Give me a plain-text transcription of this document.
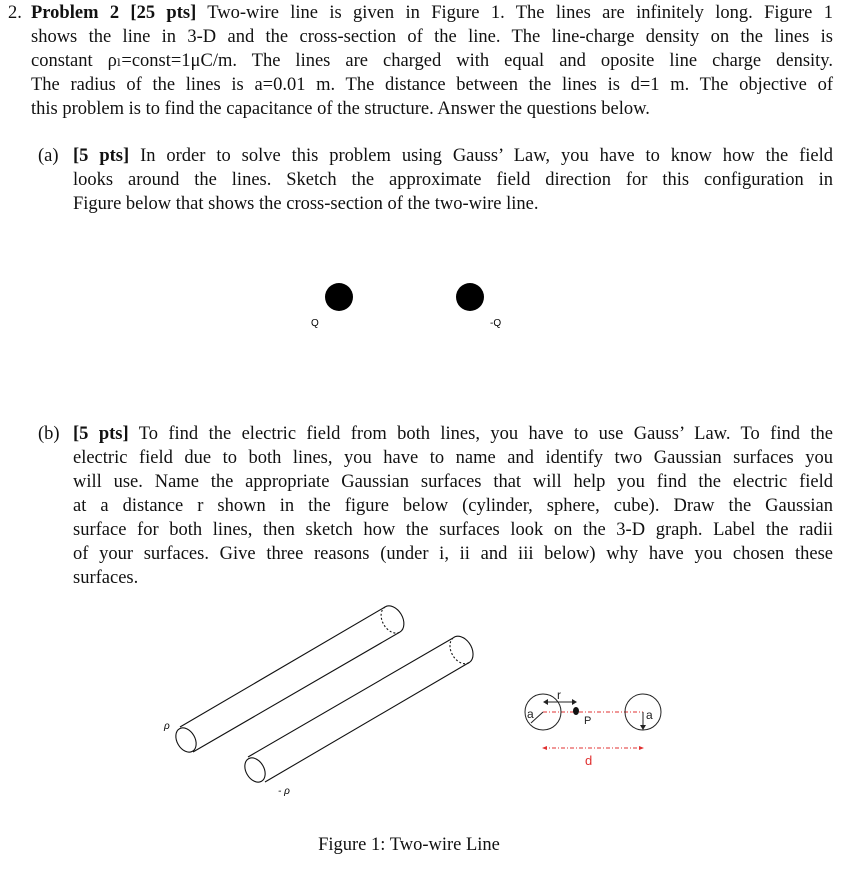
2. Problem 2 [25 pts] Two-wire line is given in Figure 1. The lines are infinitely long. Figure 1
shows the line in 3-D and the cross-section of the line. The line-charge density on the lines is
constant ρₗ=const=1μC/m. The lines are charged with equal and oposite line charge density.
The radius of the lines is a=0.01 m. The distance between the lines is d=1 m. The objective of
this problem is to find the capacitance of the structure. Answer the questions below.
(a) [5 pts] In order to solve this problem using Gauss’ Law, you have to know how the field
looks around the lines. Sketch the approximate field direction for this configuration in
Figure below that shows the cross-section of the two-wire line.
(b) [5 pts] To find the electric field from both lines, you have to use Gauss’ Law. To find the
electric field due to both lines, you have to name and identify two Gaussian surfaces you
will use. Name the appropriate Gaussian surfaces that will help you find the electric field
at a distance r shown in the figure below (cylinder, sphere, cube). Draw the Gaussian
surface for both lines, then sketch how the surfaces look on the 3-D graph. Label the radii
of your surfaces. Give three reasons (under i, ii and iii below) why have you chosen these
surfaces.
Q	-Q
ρ
- ρ
a	a
r
P
d
Figure 1: Two-wire Line
